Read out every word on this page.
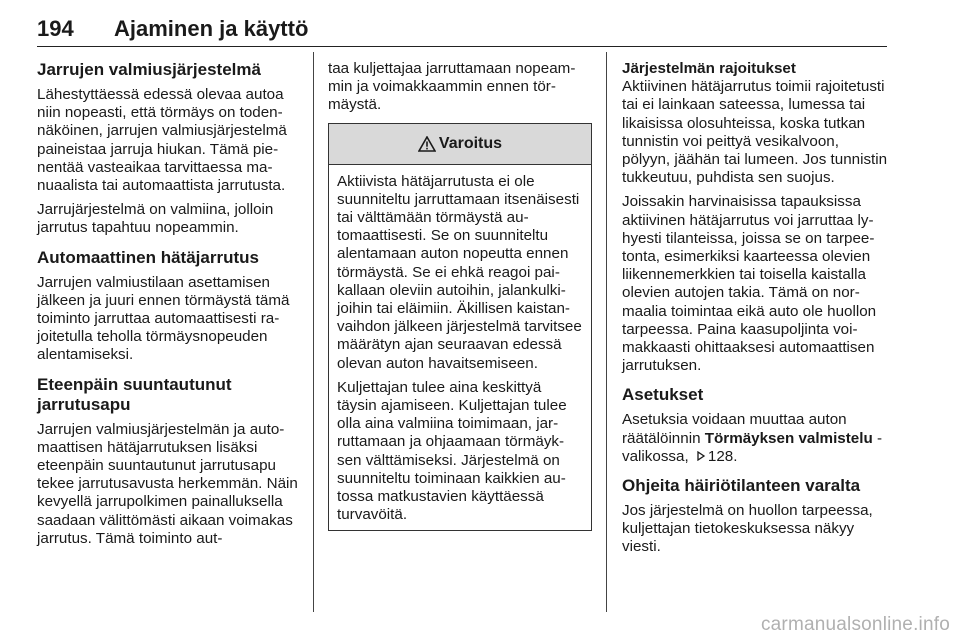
194 Ajaminen ja käyttö
Jarrujen valmiusjärjestelmä

Lähestyttäessä edessä olevaa autoa niin nopeasti, että törmäys on todennäköinen, jarrujen valmiusjärjestelmä paineistaa jarruja hiukan. Tämä pienentää vasteaikaa tarvittaessa manuaalista tai automaattista jarrutusta.

Jarrujärjestelmä on valmiina, jolloin jarrutus tapahtuu nopeammin.

Automaattinen hätäjarrutus

Jarrujen valmiustilaan asettamisen jälkeen ja juuri ennen törmäystä tämä toiminto jarruttaa automaattisesti rajoitetulla teholla törmäysnopeuden alentamiseksi.

Eteenpäin suuntautunut jarrutusapu

Jarrujen valmiusjärjestelmän ja automaattisen hätäjarrutuksen lisäksi eteenpäin suuntautunut jarrutusapu tekee jarrutusavusta herkemmän. Näin kevyellä jarrupolkimen painalluksella saadaan välittömästi aikaan voimakas jarrutus. Tämä toiminto aut-

taa kuljettajaa jarruttamaan nopeammin ja voimakkaammin ennen törmäystä.

Varoitus

Aktiivista hätäjarrutusta ei ole suunniteltu jarruttamaan itsenäisesti tai välttämään törmäystä automaattisesti. Se on suunniteltu alentamaan auton nopeutta ennen törmäystä. Se ei ehkä reagoi paikallaan oleviin autoihin, jalankulkijoihin tai eläimiin. Äkillisen kaistanvaihdon jälkeen järjestelmä tarvitsee määrätyn ajan seuraavan edessä olevan auton havaitsemiseen.

Kuljettajan tulee aina keskittyä täysin ajamiseen. Kuljettajan tulee olla aina valmiina toimimaan, jarruttamaan ja ohjaamaan törmäyksen välttämiseksi. Järjestelmä on suunniteltu toiminaan kaikkien autossa matkustavien käyttäessä turvavöitä.

Järjestelmän rajoitukset

Aktiivinen hätäjarrutus toimii rajoitetusti tai ei lainkaan sateessa, lumessa tai likaisissa olosuhteissa, koska tutkan tunnistin voi peittyä vesikalvoon, pölyyn, jäähän tai lumeen. Jos tunnistin tukkeutuu, puhdista sen suojus.

Joissakin harvinaisissa tapauksissa aktiivinen hätäjarrutus voi jarruttaa lyhyesti tilanteissa, joissa se on tarpeetonta, esimerkiksi kaarteessa olevien liikennemerkkien tai toisella kaistalla olevien autojen takia. Tämä on normaalia toimintaa eikä auto ole huollon tarpeessa. Paina kaasupoljinta voimakkaasti ohittaaksesi automaattisen jarrutuksen.

Asetukset

Asetuksia voidaan muuttaa auton räätälöinnin Törmäyksen valmistelu - valikossa, 128.

Ohjeita häiriötilanteen varalta

Jos järjestelmä on huollon tarpeessa, kuljettajan tietokeskuksessa näkyy viesti.

carmanualsonline.info
